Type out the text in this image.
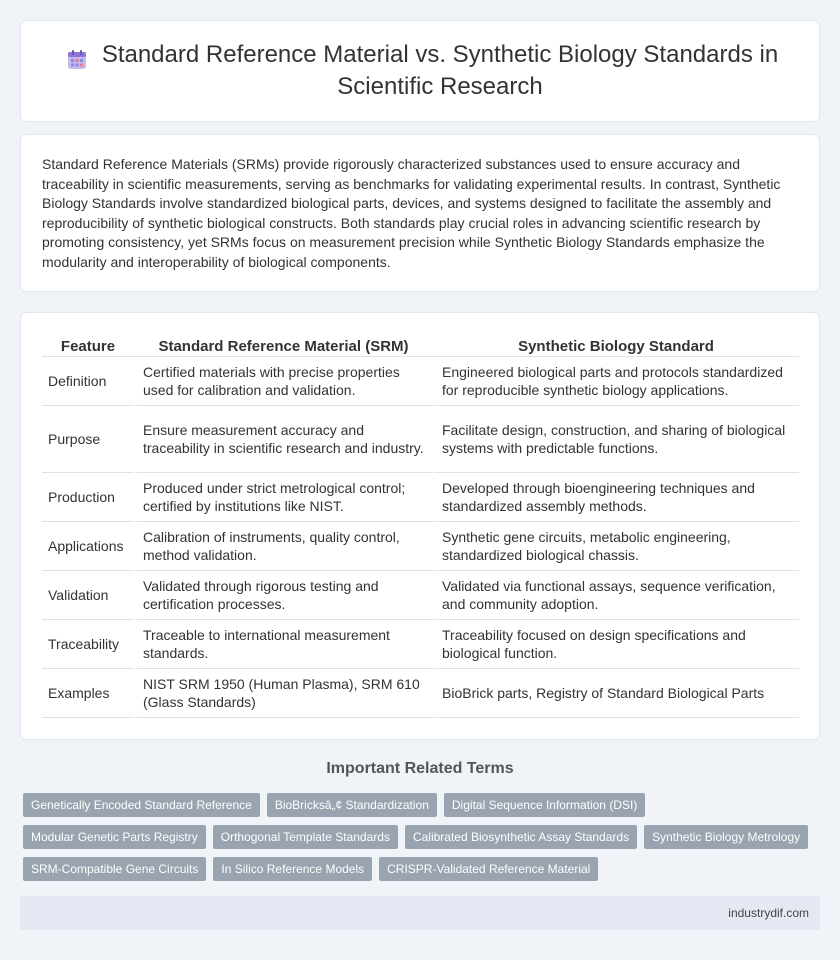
Standard Reference Material vs. Synthetic Biology Standards in Scientific Research

Standard Reference Materials (SRMs) provide rigorously characterized substances used to ensure accuracy and traceability in scientific measurements, serving as benchmarks for validating experimental results. In contrast, Synthetic Biology Standards involve standardized biological parts, devices, and systems designed to facilitate the assembly and reproducibility of synthetic biological constructs. Both standards play crucial roles in advancing scientific research by promoting consistency, yet SRMs focus on measurement precision while Synthetic Biology Standards emphasize the modularity and interoperability of biological components.

Feature	Standard Reference Material (SRM)	Synthetic Biology Standard
Definition	Certified materials with precise properties used for calibration and validation.	Engineered biological parts and protocols standardized for reproducible synthetic biology applications.
Purpose	Ensure measurement accuracy and traceability in scientific research and industry.	Facilitate design, construction, and sharing of biological systems with predictable functions.
Production	Produced under strict metrological control; certified by institutions like NIST.	Developed through bioengineering techniques and standardized assembly methods.
Applications	Calibration of instruments, quality control, method validation.	Synthetic gene circuits, metabolic engineering, standardized biological chassis.
Validation	Validated through rigorous testing and certification processes.	Validated via functional assays, sequence verification, and community adoption.
Traceability	Traceable to international measurement standards.	Traceability focused on design specifications and biological function.
Examples	NIST SRM 1950 (Human Plasma), SRM 610 (Glass Standards)	BioBrick parts, Registry of Standard Biological Parts
Important Related Terms
Genetically Encoded Standard Reference	BioBricksâ„¢ Standardization	Digital Sequence Information (DSI)
Modular Genetic Parts Registry	Orthogonal Template Standards	Calibrated Biosynthetic Assay Standards	Synthetic Biology Metrology
SRM-Compatible Gene Circuits	In Silico Reference Models	CRISPR-Validated Reference Material
industrydif.com
